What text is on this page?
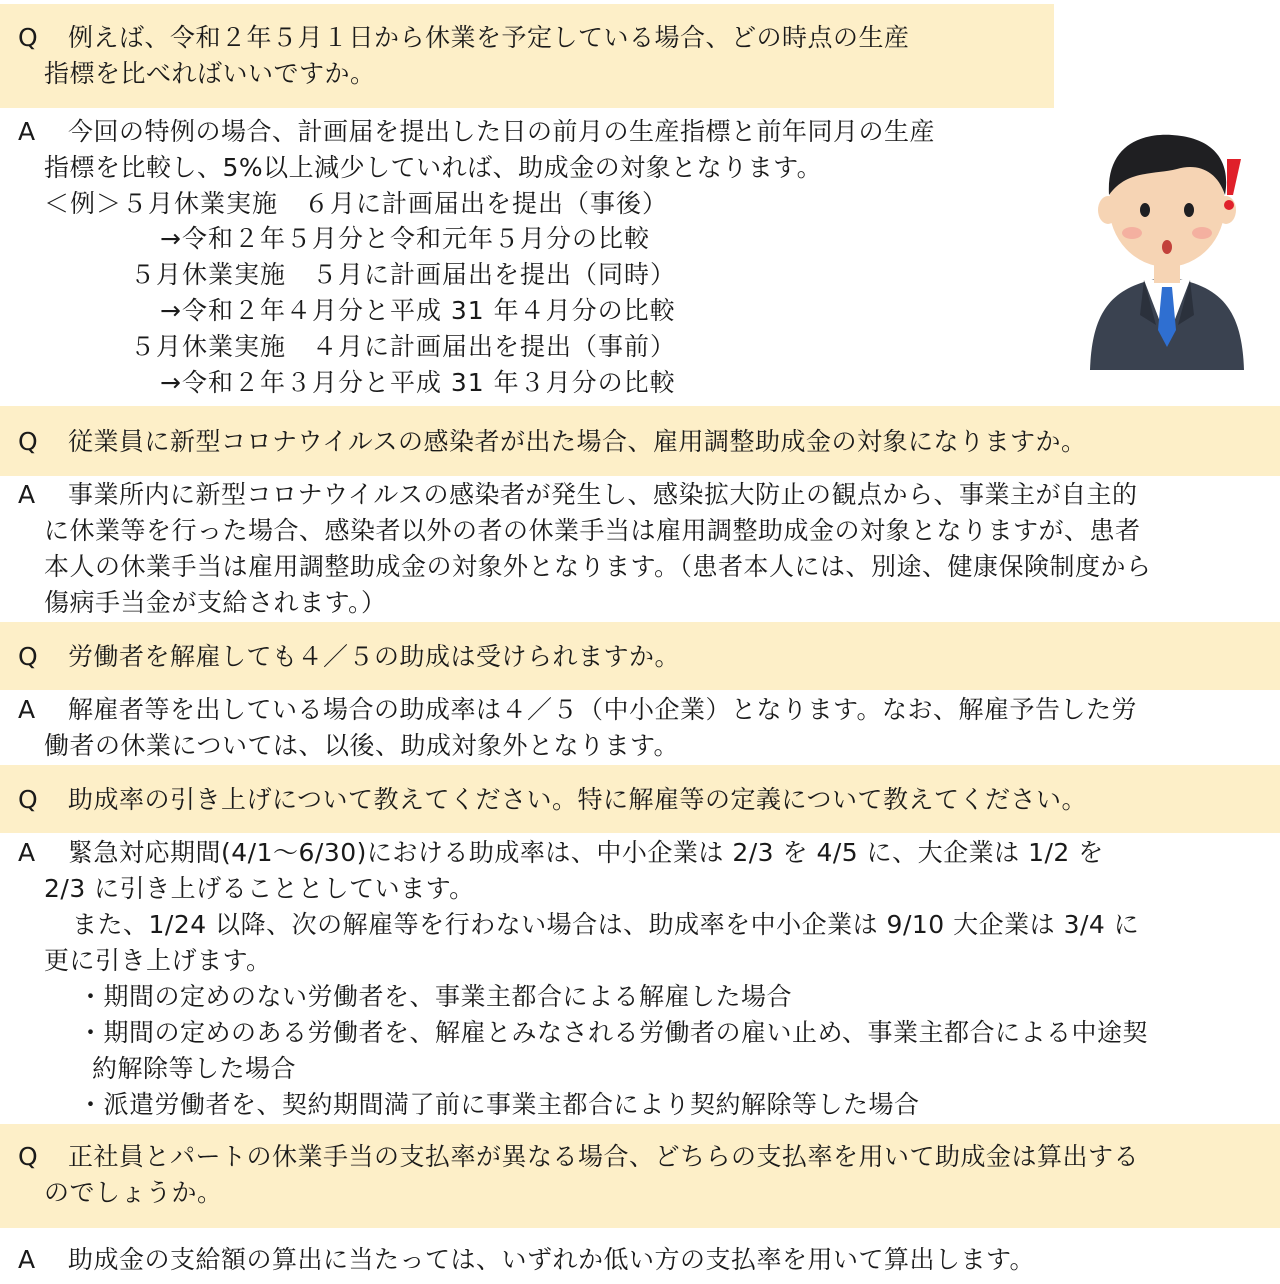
Q 例えば、令和２年５月１日から休業を予定している場合、どの時点の生産
指標を比べればいいですか。
A 今回の特例の場合、計画届を提出した日の前月の生産指標と前年同月の生産
指標を比較し、5%以上減少していれば、助成金の対象となります。
＜例＞５月休業実施　６月に計画届出を提出（事後）
→令和２年５月分と令和元年５月分の比較
５月休業実施　５月に計画届出を提出（同時）
→令和２年４月分と平成 31 年４月分の比較
５月休業実施　４月に計画届出を提出（事前）
→令和２年３月分と平成 31 年３月分の比較
Q 従業員に新型コロナウイルスの感染者が出た場合、雇用調整助成金の対象になりますか。
A 事業所内に新型コロナウイルスの感染者が発生し、感染拡大防止の観点から、事業主が自主的
に休業等を行った場合、感染者以外の者の休業手当は雇用調整助成金の対象となりますが、患者
本人の休業手当は雇用調整助成金の対象外となります。（患者本人には、別途、健康保険制度から
傷病手当金が支給されます。）
Q 労働者を解雇しても４／５の助成は受けられますか。
A 解雇者等を出している場合の助成率は４／５（中小企業）となります。なお、解雇予告した労
働者の休業については、以後、助成対象外となります。
Q 助成率の引き上げについて教えてください。特に解雇等の定義について教えてください。
A 緊急対応期間(4/1～6/30)における助成率は、中小企業は 2/3 を 4/5 に、大企業は 1/2 を
2/3 に引き上げることとしています。
また、1/24 以降、次の解雇等を行わない場合は、助成率を中小企業は 9/10 大企業は 3/4 に
更に引き上げます。
・期間の定めのない労働者を、事業主都合による解雇した場合
・期間の定めのある労働者を、解雇とみなされる労働者の雇い止め、事業主都合による中途契
約解除等した場合
・派遣労働者を、契約期間満了前に事業主都合により契約解除等した場合
Q 正社員とパートの休業手当の支払率が異なる場合、どちらの支払率を用いて助成金は算出する
のでしょうか。
A 助成金の支給額の算出に当たっては、いずれか低い方の支払率を用いて算出します。
